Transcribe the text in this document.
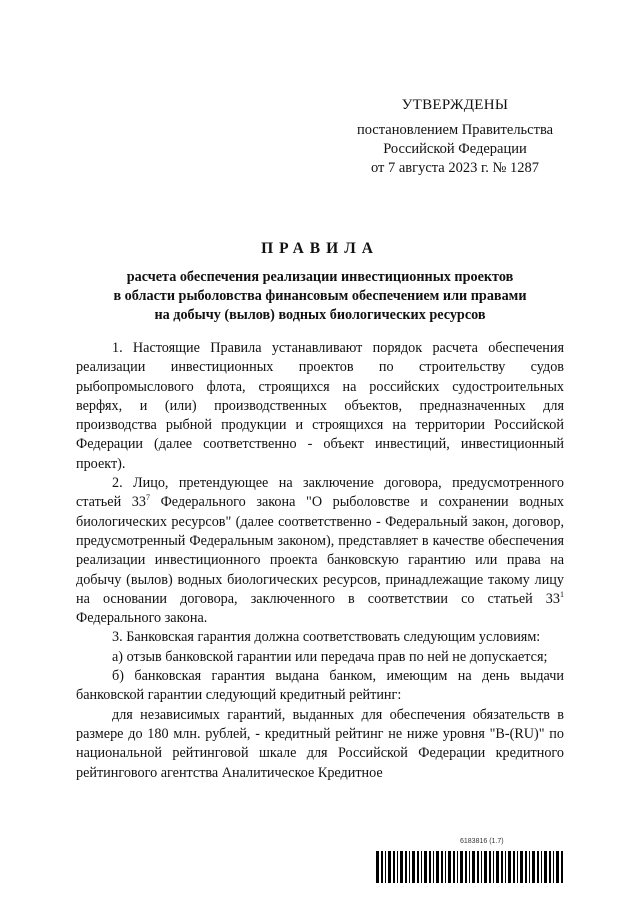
УТВЕРЖДЕНЫ
постановлением Правительства
Российской Федерации
от 7 августа 2023 г. № 1287
ПРАВИЛА
расчета обеспечения реализации инвестиционных проектов
в области рыболовства финансовым обеспечением или правами
на добычу (вылов) водных биологических ресурсов

1. Настоящие Правила устанавливают порядок расчета обеспечения реализации инвестиционных проектов по строительству судов рыбопромыслового флота, строящихся на российских судостроительных верфях, и (или) производственных объектов, предназначенных для производства рыбной продукции и строящихся на территории Российской Федерации (далее соответственно - объект инвестиций, инвестиционный проект).

2. Лицо, претендующее на заключение договора, предусмотренного статьей $33^7$ Федерального закона "О рыболовстве и сохранении водных биологических ресурсов" (далее соответственно - Федеральный закон, договор, предусмотренный Федеральным законом), представляет в качестве обеспечения реализации инвестиционного проекта банковскую гарантию или права на добычу (вылов) водных биологических ресурсов, принадлежащие такому лицу на основании договора, заключенного в соответствии со статьей $33^1$ Федерального закона.

3. Банковская гарантия должна соответствовать следующим условиям:

а) отзыв банковской гарантии или передача прав по ней не допускается;

б) банковская гарантия выдана банком, имеющим на день выдачи банковской гарантии следующий кредитный рейтинг:

для независимых гарантий, выданных для обеспечения обязательств в размере до 180 млн. рублей, - кредитный рейтинг не ниже уровня "B-(RU)" по национальной рейтинговой шкале для Российской Федерации кредитного рейтингового агентства Аналитическое Кредитное

6183816 (1.7)
